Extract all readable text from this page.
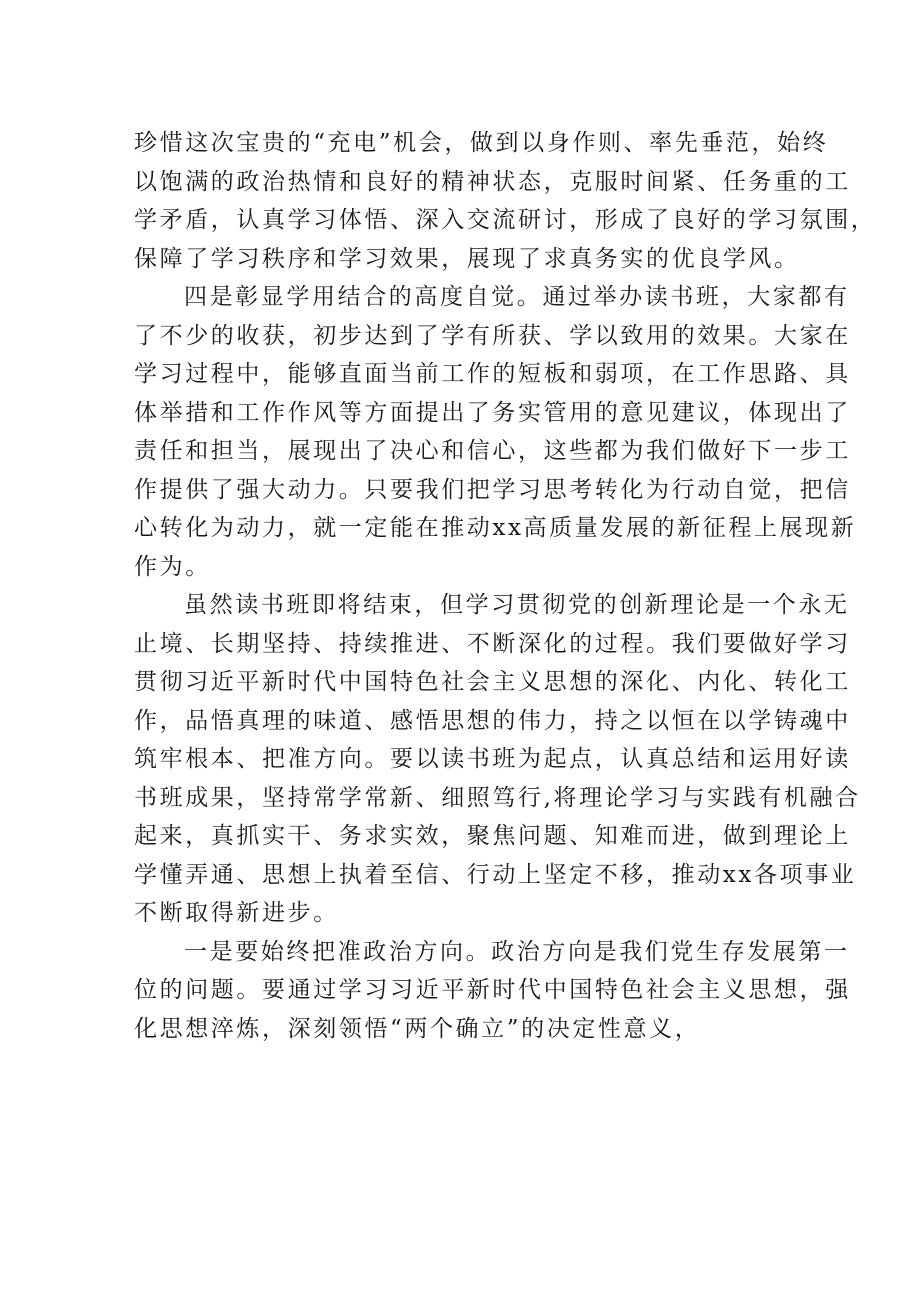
珍惜这次宝贵的“充电”机会，做到以身作则、率先垂范，始终
以饱满的政治热情和良好的精神状态，克服时间紧、任务重的工
学矛盾，认真学习体悟、深入交流研讨，形成了良好的学习氛围，
保障了学习秩序和学习效果，展现了求真务实的优良学风。
四是彰显学用结合的高度自觉。通过举办读书班，大家都有
了不少的收获，初步达到了学有所获、学以致用的效果。大家在
学习过程中，能够直面当前工作的短板和弱项，在工作思路、具
体举措和工作作风等方面提出了务实管用的意见建议，体现出了
责任和担当，展现出了决心和信心，这些都为我们做好下一步工
作提供了强大动力。只要我们把学习思考转化为行动自觉，把信
心转化为动力，就一定能在推动xx高质量发展的新征程上展现新
作为。
虽然读书班即将结束，但学习贯彻党的创新理论是一个永无
止境、长期坚持、持续推进、不断深化的过程。我们要做好学习
贯彻习近平新时代中国特色社会主义思想的深化、内化、转化工
作，品悟真理的味道、感悟思想的伟力，持之以恒在以学铸魂中
筑牢根本、把准方向。要以读书班为起点，认真总结和运用好读
书班成果，坚持常学常新、细照笃行,将理论学习与实践有机融合
起来，真抓实干、务求实效，聚焦问题、知难而进，做到理论上
学懂弄通、思想上执着至信、行动上坚定不移，推动xx各项事业
不断取得新进步。
一是要始终把准政治方向。政治方向是我们党生存发展第一
位的问题。要通过学习习近平新时代中国特色社会主义思想，强
化思想淬炼，深刻领悟“两个确立”的决定性意义，
